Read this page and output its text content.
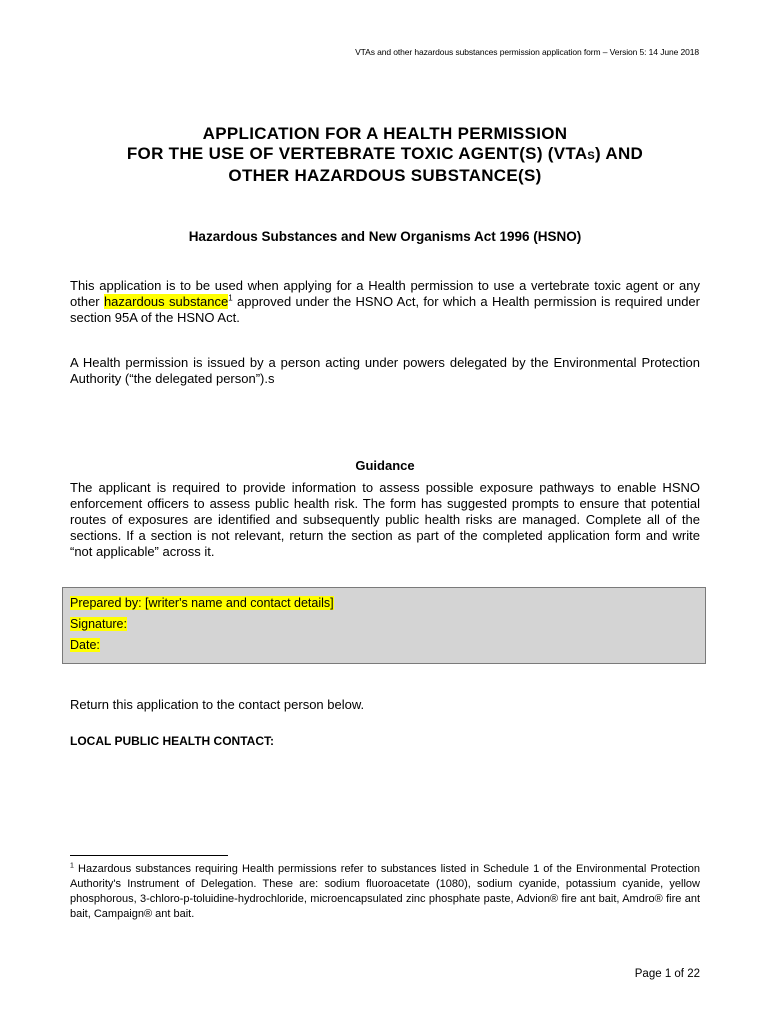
VTAs and other hazardous substances permission application form – Version 5: 14 June 2018
APPLICATION FOR A HEALTH PERMISSION
FOR THE USE OF VERTEBRATE TOXIC AGENT(S) (VTAS) AND
OTHER HAZARDOUS SUBSTANCE(S)
Hazardous Substances and New Organisms Act 1996 (HSNO)
This application is to be used when applying for a Health permission to use a vertebrate toxic agent or any other hazardous substance$^1$ approved under the HSNO Act, for which a Health permission is required under section 95A of the HSNO Act.
A Health permission is issued by a person acting under powers delegated by the Environmental Protection Authority (“the delegated person”).s
Guidance
The applicant is required to provide information to assess possible exposure pathways to enable HSNO enforcement officers to assess public health risk. The form has suggested prompts to ensure that potential routes of exposures are identified and subsequently public health risks are managed. Complete all of the sections. If a section is not relevant, return the section as part of the completed application form and write “not applicable” across it.
Prepared by: [writer's name and contact details]
Signature:
Date:
Return this application to the contact person below.
LOCAL PUBLIC HEALTH CONTACT:
$^1$ Hazardous substances requiring Health permissions refer to substances listed in Schedule 1 of the Environmental Protection Authority's Instrument of Delegation. These are: sodium fluoroacetate (1080), sodium cyanide, potassium cyanide, yellow phosphorous, 3-chloro-p-toluidine-hydrochloride, microencapsulated zinc phosphate paste, Advion® fire ant bait, Amdro® fire ant bait, Campaign® ant bait.
Page 1 of 22
